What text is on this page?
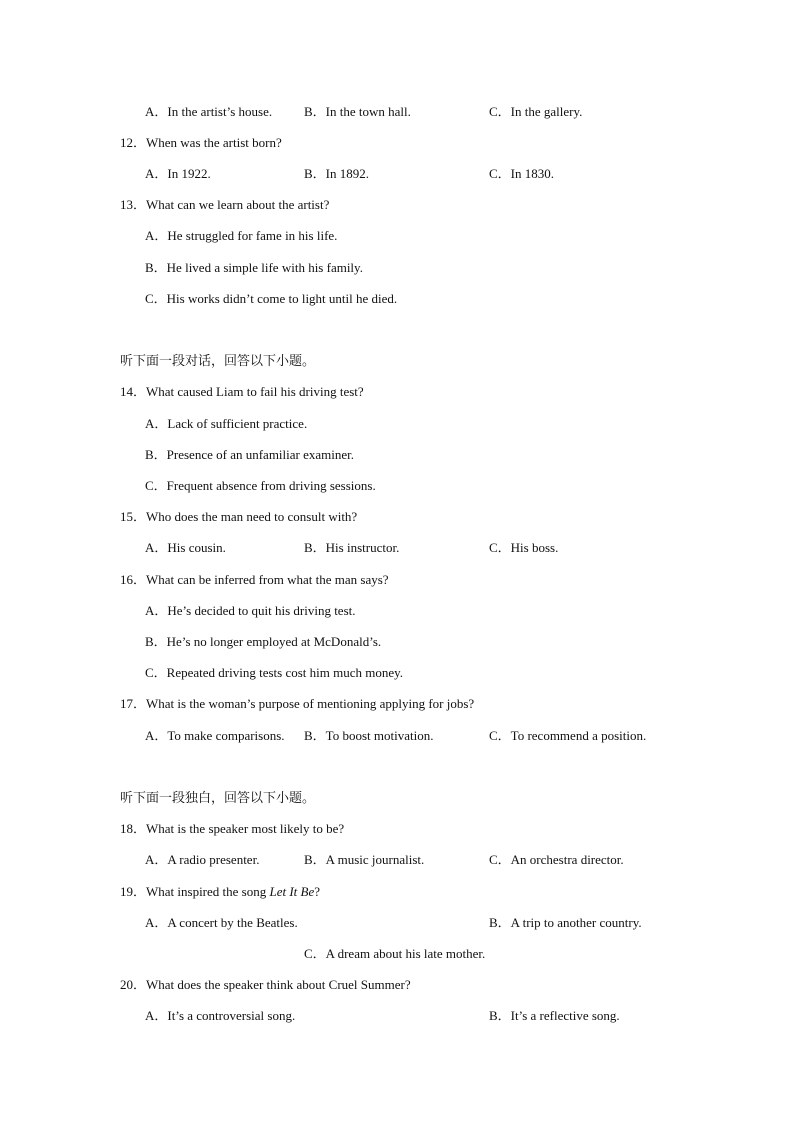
A．In the artist’s house. B．In the town hall.	C．In the gallery.
12．When was the artist born?
A．In 1922.	B．In 1892.	C．In 1830.
13．What can we learn about the artist?
A．He struggled for fame in his life.
B．He lived a simple life with his family.
C．His works didn’t come to light until he died.
听下面一段对话，回答以下小题。
14．What caused Liam to fail his driving test?
A．Lack of sufficient practice.
B．Presence of an unfamiliar examiner.
C．Frequent absence from driving sessions.
15．Who does the man need to consult with?
A．His cousin.	B．His instructor.	C．His boss.
16．What can be inferred from what the man says?
A．He’s decided to quit his driving test.
B．He’s no longer employed at McDonald’s.
C．Repeated driving tests cost him much money.
17．What is the woman’s purpose of mentioning applying for jobs?
A．To make comparisons. B．To boost motivation.	C．To recommend a position.
听下面一段独白，回答以下小题。
18．What is the speaker most likely to be?
A．A radio presenter.	B．A music journalist.	C．An orchestra director.
19．What inspired the song Let It Be?
A．A concert by the Beatles.	B．A trip to another country.
C．A dream about his late mother.
20．What does the speaker think about Cruel Summer?
A．It’s a controversial song.	B．It’s a reflective song.
